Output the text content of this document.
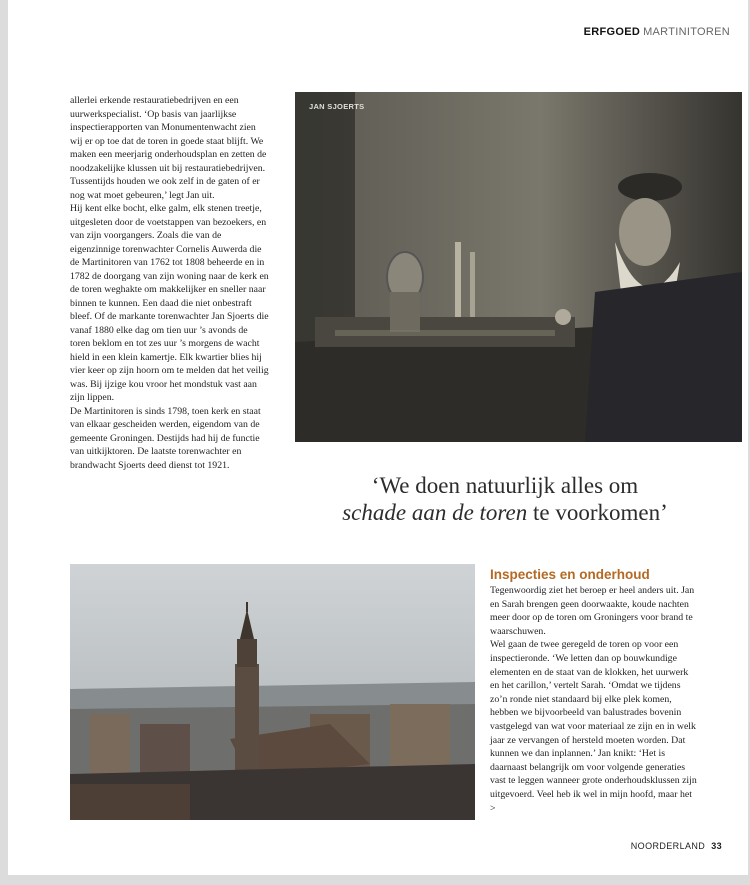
ERFGOED MARTINITOREN

allerlei erkende restauratiebedrijven en een uurwerkspecialist. ‘Op basis van jaarlijkse inspectierapporten van Monumentenwacht zien wij er op toe dat de toren in goede staat blijft. We maken een meerjarig onderhoudsplan en zetten de noodzakelijke klussen uit bij restauratiebedrijven. Tussentijds houden we ook zelf in de gaten of er nog wat moet gebeuren,’ legt Jan uit.

Hij kent elke bocht, elke galm, elk stenen treetje, uitgesleten door de voetstappen van bezoekers, en van zijn voorgangers. Zoals die van de eigenzinnige torenwachter Cornelis Auwerda die de Martinitoren van 1762 tot 1808 beheerde en in 1782 de doorgang van zijn woning naar de kerk en de toren weghakte om makkelijker en sneller naar binnen te kunnen. Een daad die niet onbestraft bleef. Of de markante torenwachter Jan Sjoerts die vanaf 1880 elke dag om tien uur ’s avonds de toren beklom en tot zes uur ’s morgens de wacht hield in een klein kamertje. Elk kwartier blies hij vier keer op zijn hoorn om te melden dat het veilig was. Bij ijzige kou vroor het mondstuk vast aan zijn lippen.

De Martinitoren is sinds 1798, toen kerk en staat van elkaar gescheiden werden, eigendom van de gemeente Groningen. Destijds had hij de functie van uitkijktoren. De laatste torenwachter en brandwacht Sjoerts deed dienst tot 1921.

JAN SJOERTS
‘We doen natuurlijk alles om
schade aan de toren te voorkomen’
Inspecties en onderhoud

Tegenwoordig ziet het beroep er heel anders uit. Jan en Sarah brengen geen doorwaakte, koude nachten meer door op de toren om Groningers voor brand te waarschuwen.

Wel gaan de twee geregeld de toren op voor een inspectieronde. ‘We letten dan op bouwkundige elementen en de staat van de klokken, het uurwerk en het carillon,’ vertelt Sarah. ‘Omdat we tijdens zo’n ronde niet standaard bij elke plek komen, hebben we bijvoorbeeld van balustrades bovenin vastgelegd van wat voor materiaal ze zijn en in welk jaar ze vervangen of hersteld moeten worden. Dat kunnen we dan inplannen.’ Jan knikt: ‘Het is daarnaast belangrijk om voor volgende generaties vast te leggen wanneer grote onderhoudsklussen zijn uitgevoerd. Veel heb ik wel in mijn hoofd, maar het >

NOORDERLAND 33
